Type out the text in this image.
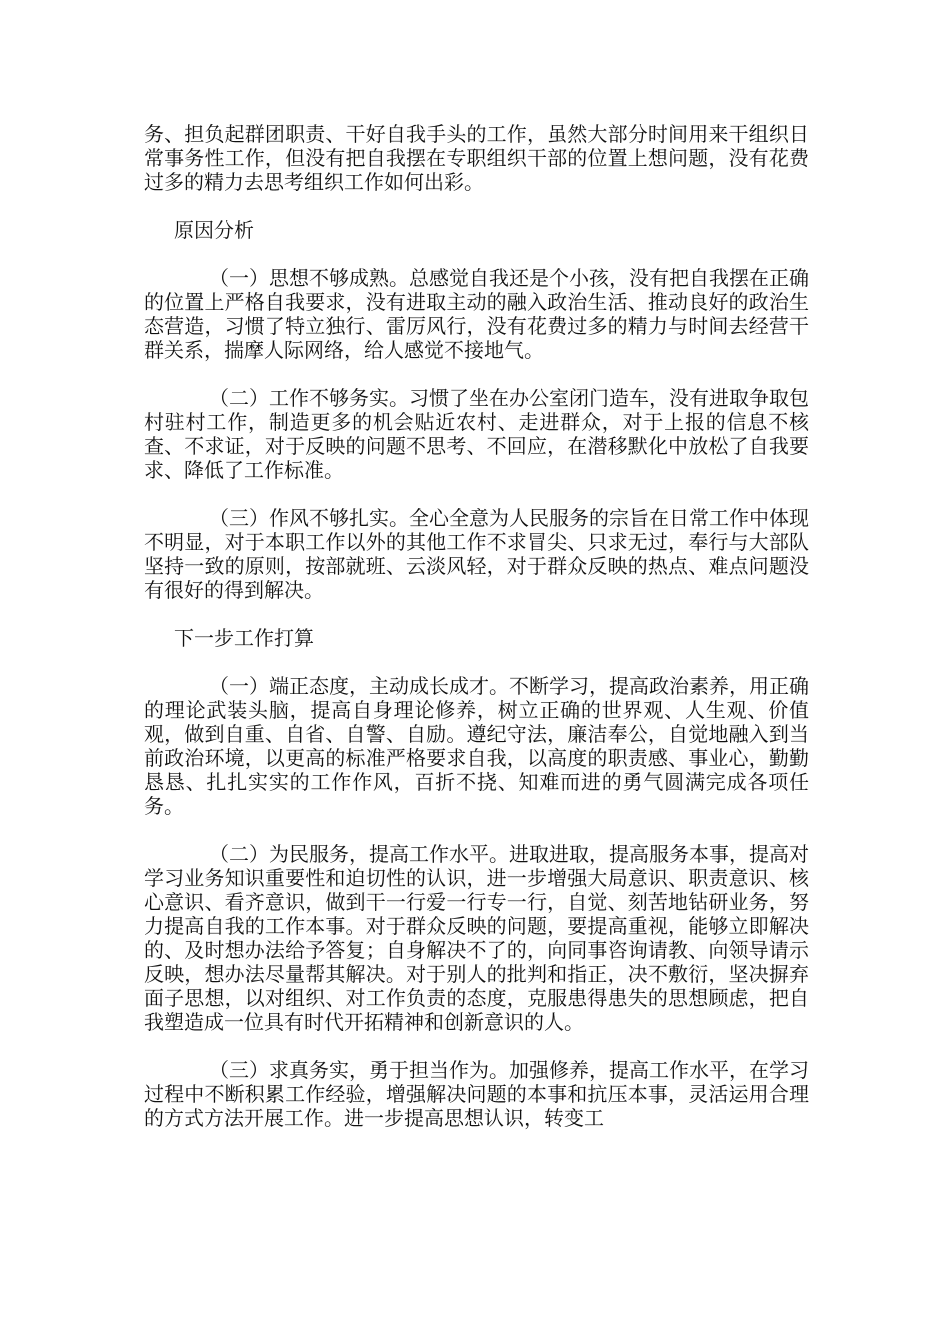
务、担负起群团职责、干好自我手头的工作，虽然大部分时间用来干组织日常事务性工作，但没有把自我摆在专职组织干部的位置上想问题，没有花费过多的精力去思考组织工作如何出彩。

原因分析

（一）思想不够成熟。总感觉自我还是个小孩，没有把自我摆在正确的位置上严格自我要求，没有进取主动的融入政治生活、推动良好的政治生态营造，习惯了特立独行、雷厉风行，没有花费过多的精力与时间去经营干群关系，揣摩人际网络，给人感觉不接地气。

（二）工作不够务实。习惯了坐在办公室闭门造车，没有进取争取包村驻村工作，制造更多的机会贴近农村、走进群众，对于上报的信息不核查、不求证，对于反映的问题不思考、不回应，在潜移默化中放松了自我要求、降低了工作标准。

（三）作风不够扎实。全心全意为人民服务的宗旨在日常工作中体现不明显，对于本职工作以外的其他工作不求冒尖、只求无过，奉行与大部队坚持一致的原则，按部就班、云淡风轻，对于群众反映的热点、难点问题没有很好的得到解决。

下一步工作打算

（一）端正态度，主动成长成才。不断学习，提高政治素养，用正确的理论武装头脑，提高自身理论修养，树立正确的世界观、人生观、价值观，做到自重、自省、自警、自励。遵纪守法，廉洁奉公，自觉地融入到当前政治环境，以更高的标准严格要求自我，以高度的职责感、事业心，勤勤恳恳、扎扎实实的工作作风，百折不挠、知难而进的勇气圆满完成各项任务。

（二）为民服务，提高工作水平。进取进取，提高服务本事，提高对学习业务知识重要性和迫切性的认识，进一步增强大局意识、职责意识、核心意识、看齐意识，做到干一行爱一行专一行，自觉、刻苦地钻研业务，努力提高自我的工作本事。对于群众反映的问题，要提高重视，能够立即解决的、及时想办法给予答复；自身解决不了的，向同事咨询请教、向领导请示反映，想办法尽量帮其解决。对于别人的批判和指正，决不敷衍，坚决摒弃面子思想，以对组织、对工作负责的态度，克服患得患失的思想顾虑，把自我塑造成一位具有时代开拓精神和创新意识的人。

（三）求真务实，勇于担当作为。加强修养，提高工作水平，在学习过程中不断积累工作经验，增强解决问题的本事和抗压本事，灵活运用合理的方式方法开展工作。进一步提高思想认识，转变工
